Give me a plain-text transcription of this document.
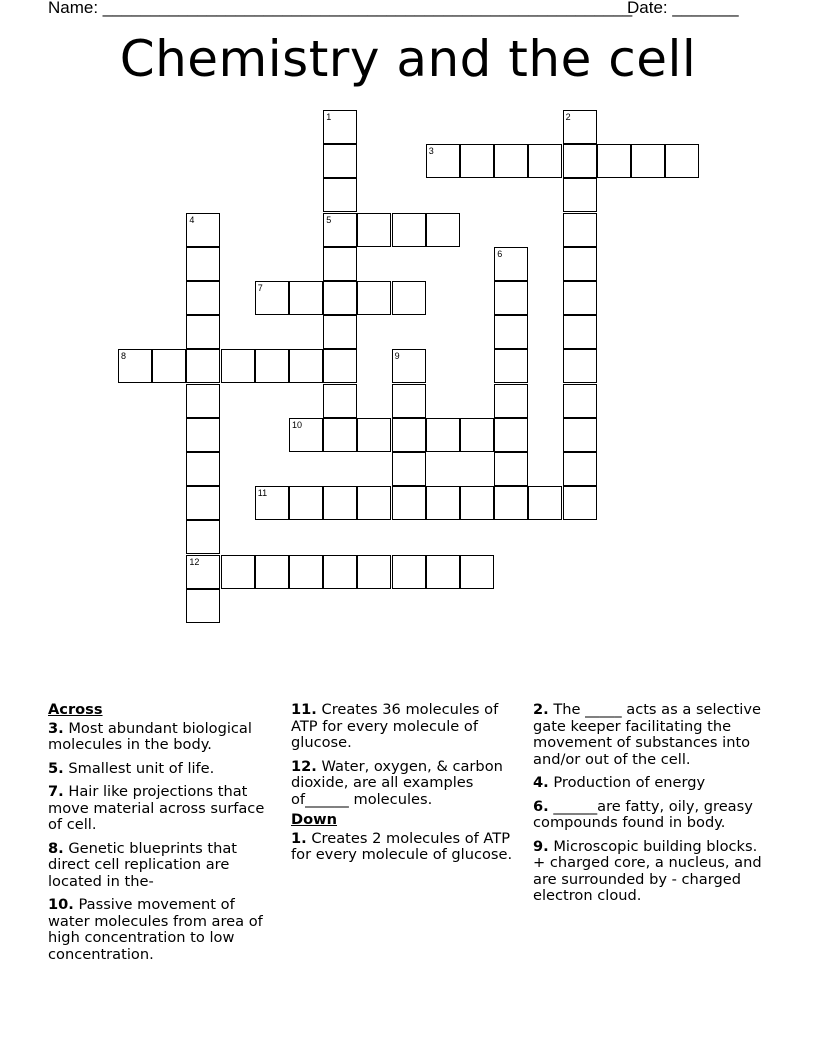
Name: ________________________________________________________
Date: _______
Chemistry and the cell
1
5
2
3
4
12
6
7
8	9
10
11
Across
3. Most abundant biological molecules in the body.
5. Smallest unit of life.
7. Hair like projections that move material across surface of cell.
8. Genetic blueprints that direct cell replication are located in the-
10. Passive movement of water molecules from area of high concentration to low concentration.
11. Creates 36 molecules of ATP for every molecule of glucose.
12. Water, oxygen, & carbon dioxide, are all examples of______ molecules.
Down
1. Creates 2 molecules of ATP for every molecule of glucose.
2. The _____ acts as a selective gate keeper facilitating the movement of substances into and/or out of the cell.
4. Production of energy
6. ______are fatty, oily, greasy compounds found in body.
9. Microscopic building blocks. + charged core, a nucleus, and are surrounded by - charged electron cloud.
